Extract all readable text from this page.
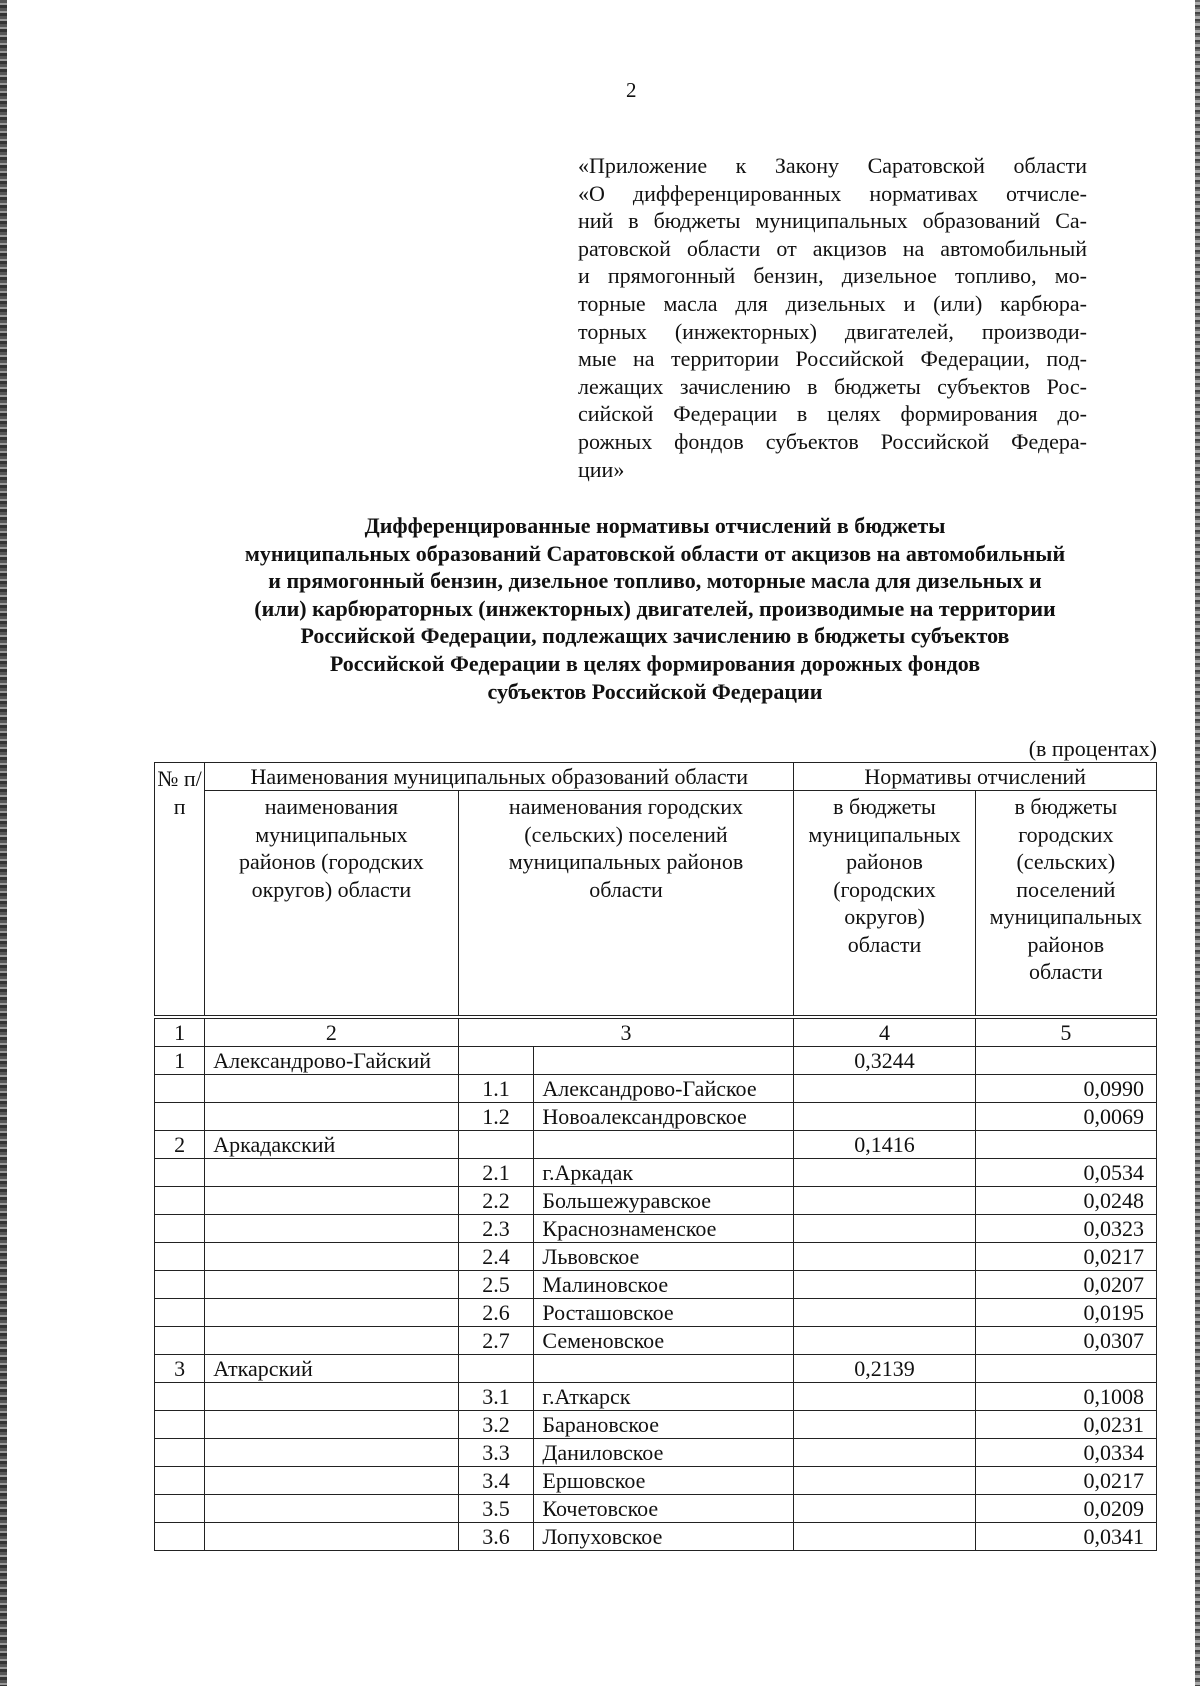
2
«Приложение к Закону Саратовской области
«О дифференцированных нормативах отчисле-
ний в бюджеты муниципальных образований Са-
ратовской области от акцизов на автомобильный
и прямогонный бензин, дизельное топливо, мо-
торные масла для дизельных и (или) карбюра-
торных (инжекторных) двигателей, производи-
мые на территории Российской Федерации, под-
лежащих зачислению в бюджеты субъектов Рос-
сийской Федерации в целях формирования до-
рожных фондов субъектов Российской Федера-
ции»
Дифференцированные нормативы отчислений в бюджеты
муниципальных образований Саратовской области от акцизов на автомобильный
и прямогонный бензин, дизельное топливо, моторные масла для дизельных и
(или) карбюраторных (инжекторных) двигателей, производимые на территории
Российской Федерации, подлежащих зачислению в бюджеты субъектов
Российской Федерации в целях формирования дорожных фондов
субъектов Российской Федерации
(в процентах)
№ п/п	Наименования муниципальных образований области			Нормативы отчислений	
	наименования муниципальных районов (городских округов) области	наименования городских (сельских) поселений муниципальных районов области		в бюджеты муниципальных районов (городских округов) области	в бюджеты городских (сельских) поселений муниципальных районов области
1	2	3		4	5
1	Александрово-Гайский			0,3244	
		1.1	Александрово-Гайское		0,0990
		1.2	Новоалександровское		0,0069
2	Аркадакский			0,1416	
		2.1	г.Аркадак		0,0534
		2.2	Большежуравское		0,0248
		2.3	Краснознаменское		0,0323
		2.4	Львовское		0,0217
		2.5	Малиновское		0,0207
		2.6	Росташовское		0,0195
		2.7	Семеновское		0,0307
3	Аткарский			0,2139	
		3.1	г.Аткарск		0,1008
		3.2	Барановское		0,0231
		3.3	Даниловское		0,0334
		3.4	Ершовское		0,0217
		3.5	Кочетовское		0,0209
		3.6	Лопуховское		0,0341
